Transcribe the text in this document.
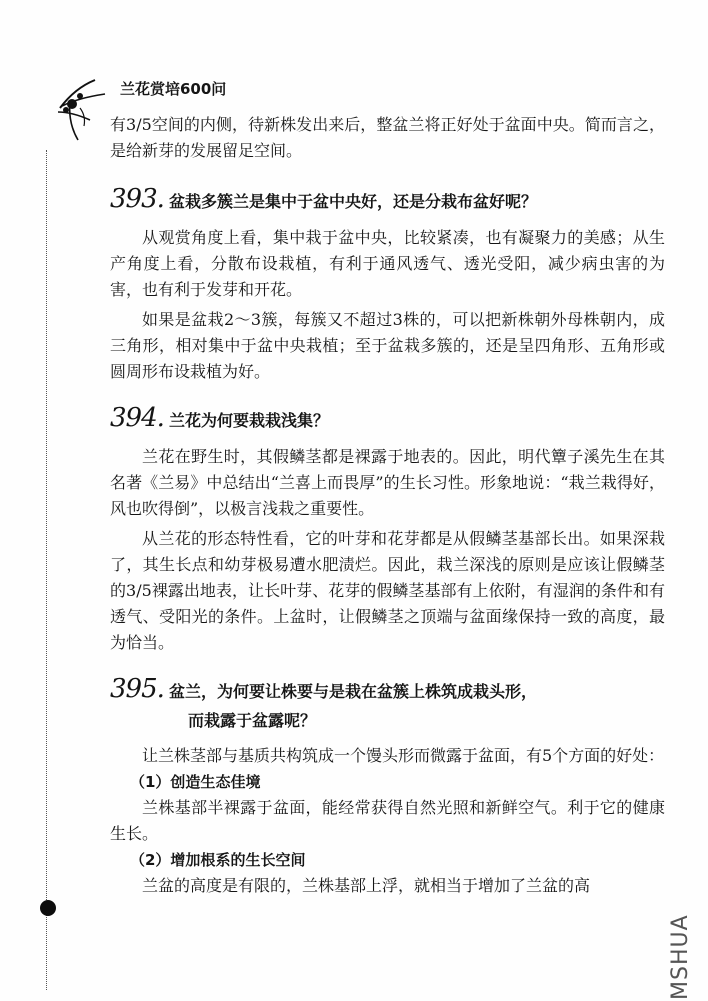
兰花赏培600问

有3/5空间的内侧，待新株发出来后，整盆兰将正好处于盆面中央。简而言之，是给新芽的发展留足空间。

393. 盆栽多簇兰是集中于盆中央好，还是分栽布盆好呢？

从观赏角度上看，集中栽于盆中央，比较紧凑，也有凝聚力的美感；从生产角度上看，分散布设栽植，有利于通风透气、透光受阳，减少病虫害的为害，也有利于发芽和开花。

如果是盆栽2～3簇，每簇又不超过3株的，可以把新株朝外母株朝内，成三角形，相对集中于盆中央栽植；至于盆栽多簇的，还是呈四角形、五角形或圆周形布设栽植为好。

394. 兰花为何要栽栽浅集？

兰花在野生时，其假鳞茎都是裸露于地表的。因此，明代簟子溪先生在其名著《兰易》中总结出“兰喜上而畏厚”的生长习性。形象地说：“栽兰栽得好，风也吹得倒”，以极言浅栽之重要性。

从兰花的形态特性看，它的叶芽和花芽都是从假鳞茎基部长出。如果深栽了，其生长点和幼芽极易遭水肥渍烂。因此，栽兰深浅的原则是应该让假鳞茎的3/5裸露出地表，让长叶芽、花芽的假鳞茎基部有上依附，有湿润的条件和有透气、受阳光的条件。上盆时，让假鳞茎之顶端与盆面缘保持一致的高度，最为恰当。

395. 盆兰，为何要让株要与是栽在盆簇上株筑成栽头形，
而栽露于盆露呢？

让兰株茎部与基质共构筑成一个馒头形而微露于盆面，有5个方面的好处：

（1）创造生态佳境

兰株基部半裸露于盆面，能经常获得自然光照和新鲜空气。利于它的健康生长。

（2）增加根系的生长空间

兰盆的高度是有限的，兰株基部上浮，就相当于增加了兰盆的高

MSHUA
